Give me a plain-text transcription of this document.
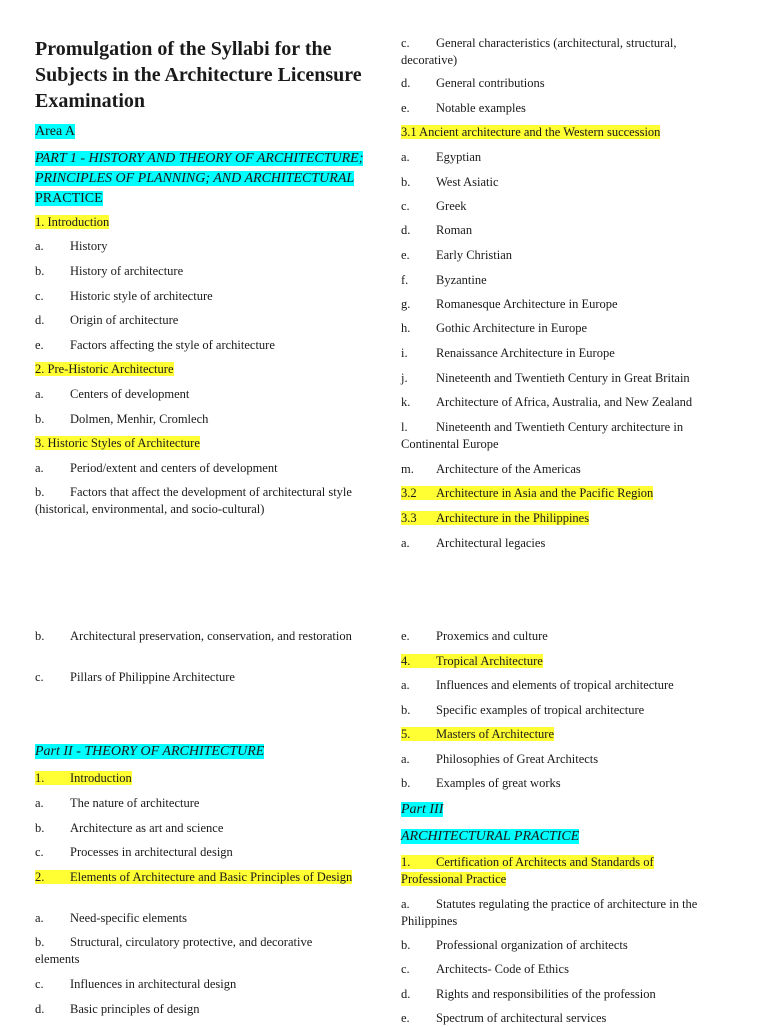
Promulgation of the Syllabi for the Subjects in the Architecture Licensure Examination
Area A
PART 1 - HISTORY AND THEORY OF ARCHITECTURE; PRINCIPLES OF PLANNING; AND ARCHITECTURAL PRACTICE
1. Introduction
a. History
b. History of architecture
c. Historic style of architecture
d. Origin of architecture
e. Factors affecting the style of architecture
2. Pre-Historic Architecture
a. Centers of development
b. Dolmen, Menhir, Cromlech
3. Historic Styles of Architecture
a. Period/extent and centers of development
b. Factors that affect the development of architectural style (historical, environmental, and socio-cultural)
c. General characteristics (architectural, structural, decorative)
d. General contributions
e. Notable examples
3.1 Ancient architecture and the Western succession
a. Egyptian
b. West Asiatic
c. Greek
d. Roman
e. Early Christian
f. Byzantine
g. Romanesque Architecture in Europe
h. Gothic Architecture in Europe
i. Renaissance Architecture in Europe
j. Nineteenth and Twentieth Century in Great Britain
k. Architecture of Africa, Australia, and New Zealand
l. Nineteenth and Twentieth Century architecture in Continental Europe
m. Architecture of the Americas
3.2 Architecture in Asia and the Pacific Region
3.3 Architecture in the Philippines
a. Architectural legacies
b. Architectural preservation, conservation, and restoration
c. Pillars of Philippine Architecture
Part II - THEORY OF ARCHITECTURE
1. Introduction
a. The nature of architecture
b. Architecture as art and science
c. Processes in architectural design
2. Elements of Architecture and Basic Principles of Design
a. Need-specific elements
b. Structural, circulatory protective, and decorative elements
c. Influences in architectural design
d. Basic principles of design
e. Proxemics and culture
4. Tropical Architecture
a. Influences and elements of tropical architecture
b. Specific examples of tropical architecture
5. Masters of Architecture
a. Philosophies of Great Architects
b. Examples of great works
Part III
ARCHITECTURAL PRACTICE
1. Certification of Architects and Standards of Professional Practice
a. Statutes regulating the practice of architecture in the Philippines
b. Professional organization of architects
c. Architects- Code of Ethics
d. Rights and responsibilities of the profession
e. Spectrum of architectural services
